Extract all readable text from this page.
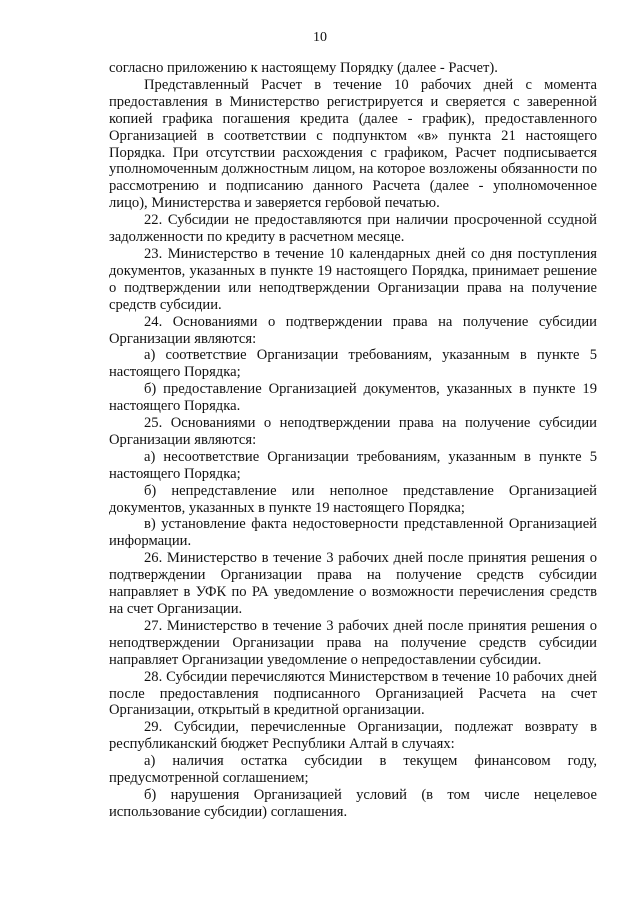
10

согласно приложению к настоящему Порядку (далее - Расчет).

Представленный Расчет в течение 10 рабочих дней с момента предоставления в Министерство регистрируется и сверяется с заверенной копией графика погашения кредита (далее - график), предоставленного Организацией в соответствии с подпунктом «в» пункта 21 настоящего Порядка. При отсутствии расхождения с графиком, Расчет подписывается уполномоченным должностным лицом, на которое возложены обязанности по рассмотрению и подписанию данного Расчета (далее - уполномоченное лицо), Министерства и заверяется гербовой печатью.

22. Субсидии не предоставляются при наличии просроченной ссудной задолженности по кредиту в расчетном месяце.

23. Министерство в течение 10 календарных дней со дня поступления документов, указанных в пункте 19 настоящего Порядка, принимает решение о подтверждении или неподтверждении Организации права на получение средств субсидии.

24. Основаниями о подтверждении права на получение субсидии Организации являются:

а) соответствие Организации требованиям, указанным в пункте 5 настоящего Порядка;

б) предоставление Организацией документов, указанных в пункте 19 настоящего Порядка.

25. Основаниями о неподтверждении права на получение субсидии Организации являются:

а) несоответствие Организации требованиям, указанным в пункте 5 настоящего Порядка;

б) непредставление или неполное представление Организацией документов, указанных в пункте 19 настоящего Порядка;

в) установление факта недостоверности представленной Организацией информации.

26. Министерство в течение 3 рабочих дней после принятия решения о подтверждении Организации права на получение средств субсидии направляет в УФК по РА уведомление о возможности перечисления средств на счет Организации.

27. Министерство в течение 3 рабочих дней после принятия решения о неподтверждении Организации права на получение средств субсидии направляет Организации уведомление о непредоставлении субсидии.

28. Субсидии перечисляются Министерством в течение 10 рабочих дней после предоставления подписанного Организацией Расчета на счет Организации, открытый в кредитной организации.

29. Субсидии, перечисленные Организации, подлежат возврату в республиканский бюджет Республики Алтай в случаях:

а) наличия остатка субсидии в текущем финансовом году, предусмотренной соглашением;

б) нарушения Организацией условий (в том числе нецелевое использование субсидии) соглашения.
